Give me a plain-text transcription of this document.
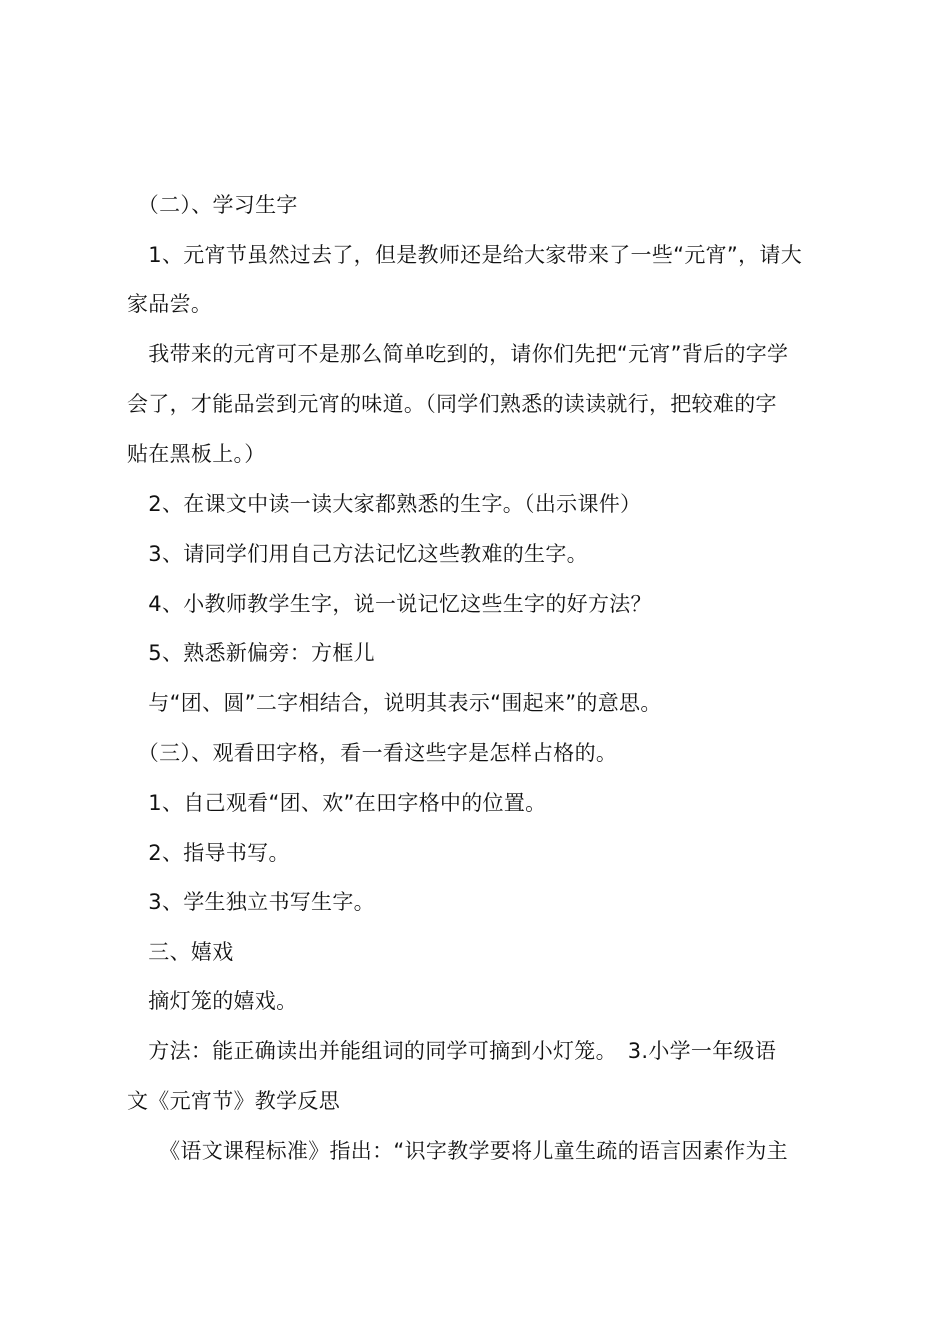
　（二）、学习生字
　1、元宵节虽然过去了，但是教师还是给大家带来了一些“元宵”，请大
家品尝。
　我带来的元宵可不是那么简单吃到的，请你们先把“元宵”背后的字学
会了，才能品尝到元宵的味道。（同学们熟悉的读读就行，把较难的字
贴在黑板上。）
　2、在课文中读一读大家都熟悉的生字。（出示课件）
　3、请同学们用自己方法记忆这些教难的生字。
　4、小教师教学生字，说一说记忆这些生字的好方法？
　5、熟悉新偏旁：方框儿
　与“团、圆”二字相结合，说明其表示“围起来”的意思。
　（三）、观看田字格，看一看这些字是怎样占格的。
　1、自己观看“团、欢”在田字格中的位置。
　2、指导书写。
　3、学生独立书写生字。
　三、嬉戏
　摘灯笼的嬉戏。
　方法：能正确读出并能组词的同学可摘到小灯笼。　3.小学一年级语
文《元宵节》教学反思
　　《语文课程标准》指出：“识字教学要将儿童生疏的语言因素作为主
